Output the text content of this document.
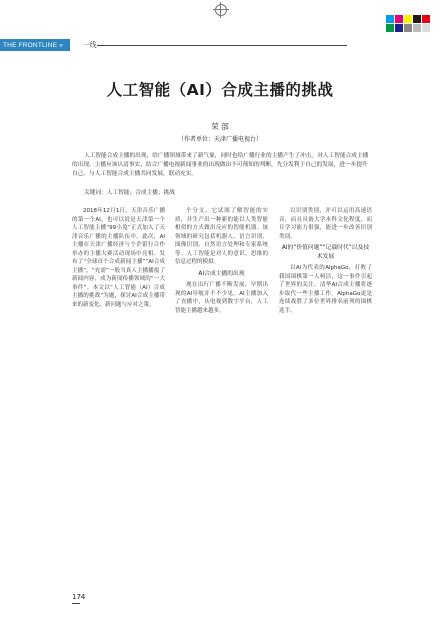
THE FRONTLINE »	一线
人工智能（AI）合成主播的挑战
荣 部
（作者单位：天津广播电视台）

人工智能合成主播的出现，给广播领域带来了新气象，同时也给广播行业的主播产生了冲击。对人工智能合成主播的出现，主播应该认清事实，结合广播电视新闻事业的出现做出不可预知的判断，先分发利于自己的发展，进一步提升自己。与人工智能合成主播共同发展，联动充实。

关键词：人工智能；合成主播；挑战

2018年12月1日，天津音乐广播的第一个AI，也可以说是天津第一个人工智能主播“99小兔”正式加入了天津音乐广播的主播队伍中。此次，AI主播在天津广播经济与个企银行合作举办的主播大赛活动现场中亮相。发布了“全球首个合成新闻主播”“AI合成主播”，“充需”一般当真人主播播报了新闻内容，成为新闻传播领域的“一大事件”。本文以“人工智能（AI）合成主播的挑战”为题，探讨AI合成主播带来的新变化、新问题与应对之策。

个分支。它试图了解智能的实质，并生产出一种新的能以人类智能相似的方式做出反应的智能机器。该领域的研究包括机器人、语言识别、图像识别、自然语言处理和专家系统等。人工智能是对人的意识、思维的信息过程的模拟。

AI合成主播的出现

现在出行广播不断发展，早期出现的AI导航并不不少见。AI主播加入了直播中，从电视到数字平台，人工智能主播越来越多。

以识别类别，并可以运用高速语音，而且具备大学本科文化程度，而且学习能力很强，能进一步改善识别类别。

AI的“价值问题”“记载时代”以及技术发展

以AI为代表的AlphaGo，打败了我国围棋第一人柯洁，这一事件引起了世界的关注。清华AI合成主播将逐步取代一些主播工作。AlphaGo更是连续战胜了多位世界排名前列的围棋选手。

174
